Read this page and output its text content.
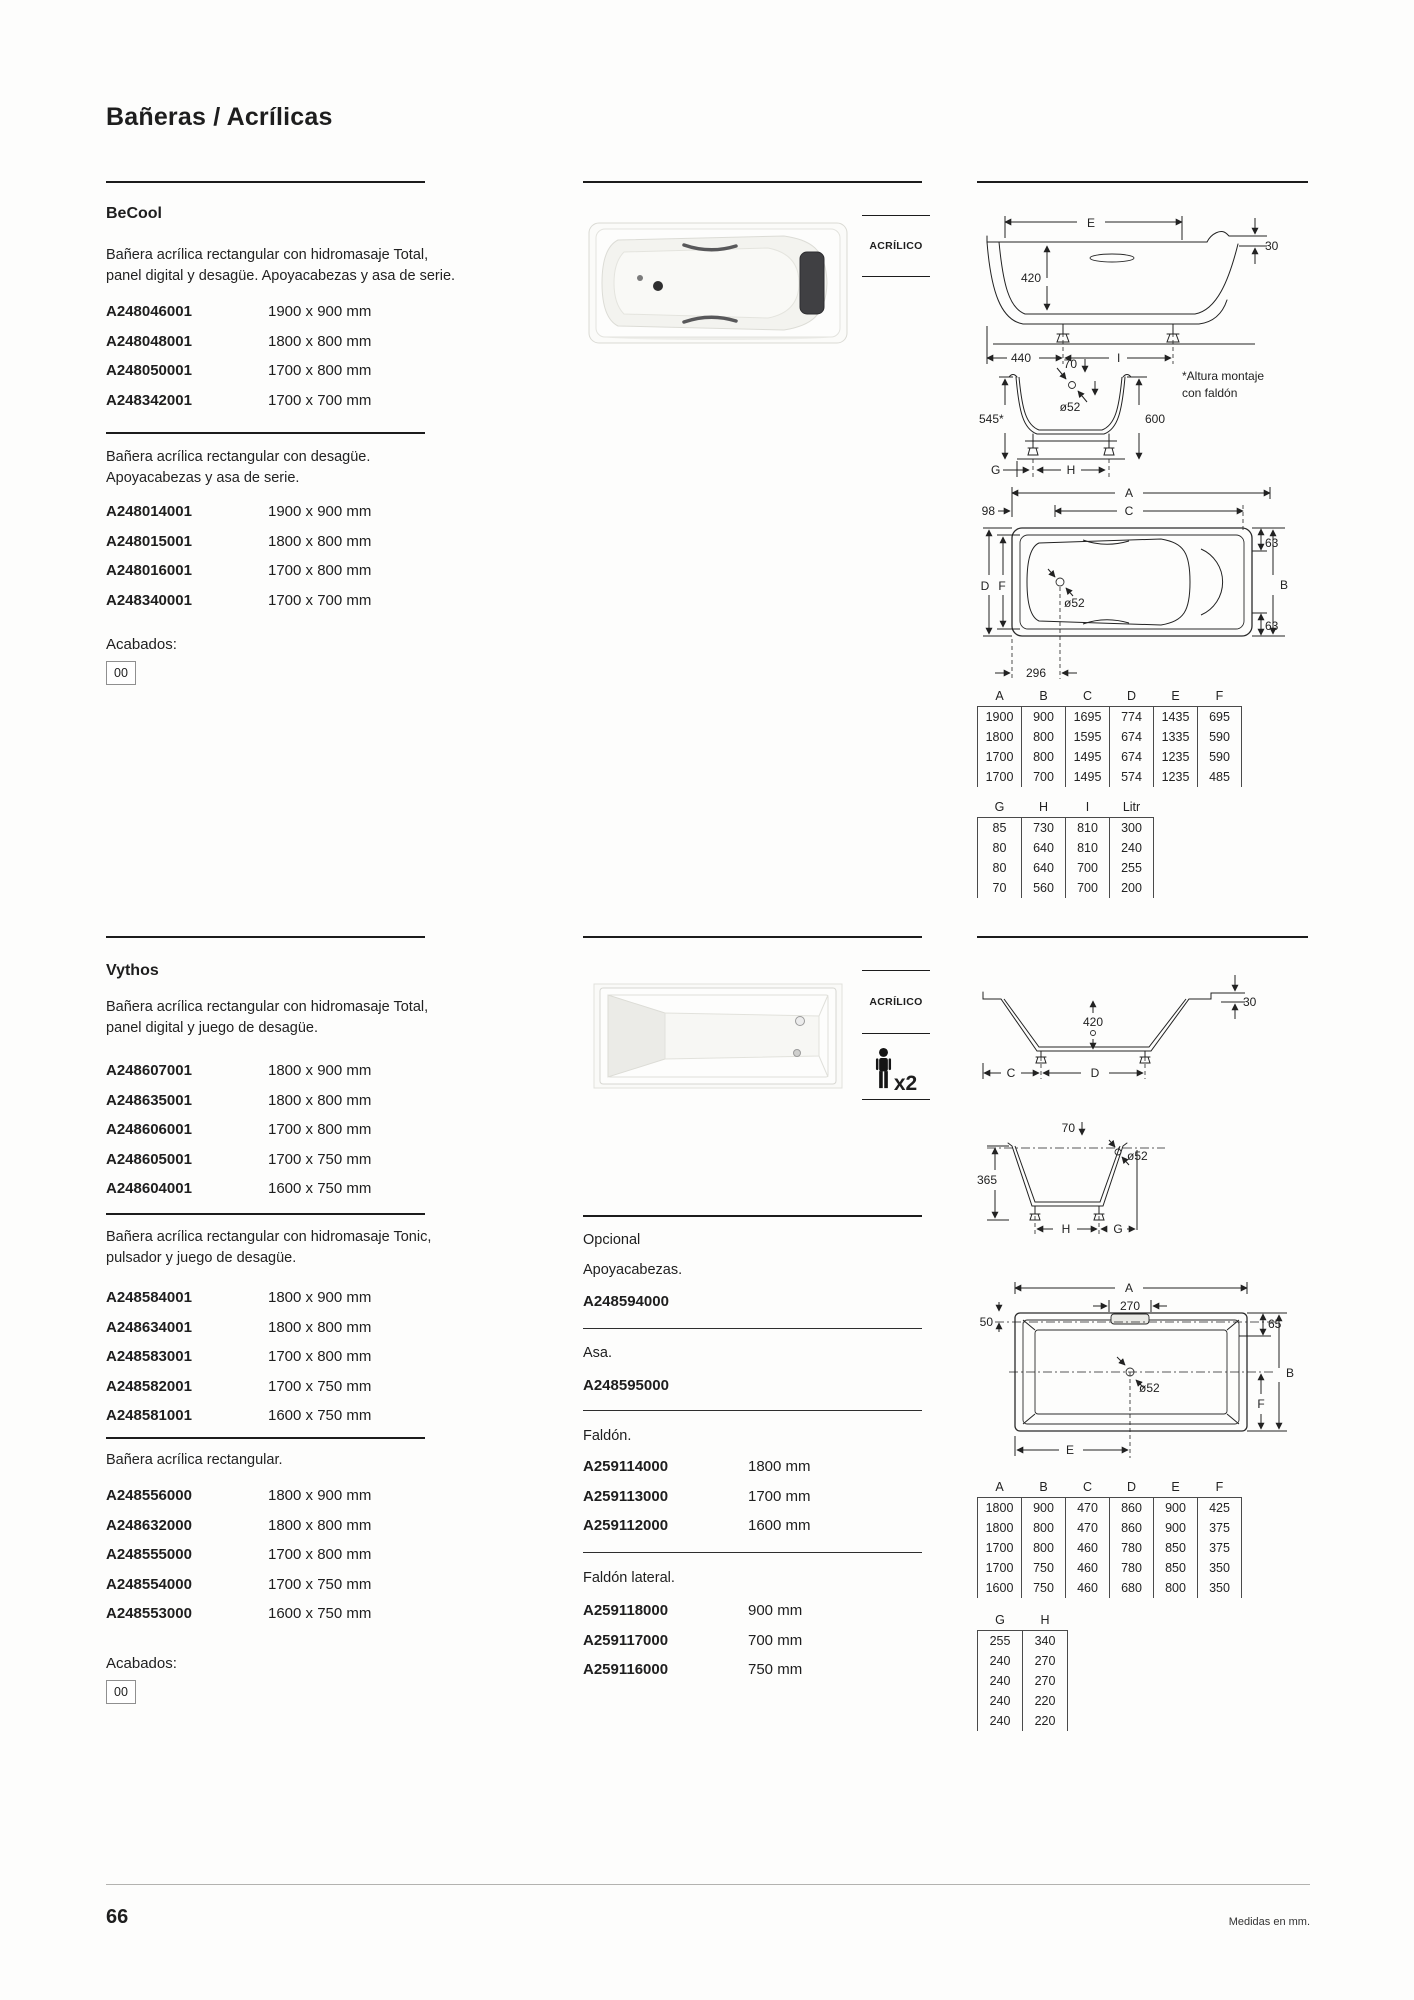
Bañeras / Acrílicas
BeCool
Bañera acrílica rectangular con hidromasaje Total,
panel digital y desagüe. Apoyacabezas y asa de serie.
A248046001	1900 x 900 mm
A248048001	1800 x 800 mm
A248050001	1700 x 800 mm
A248342001	1700 x 700 mm
Bañera acrílica rectangular con desagüe.
Apoyacabezas y asa de serie.
A248014001	1900 x 900 mm
A248015001	1800 x 800 mm
A248016001	1700 x 800 mm
A248340001	1700 x 700 mm
Acabados:
00
ACRÍLICO
E
30
420
440	I
70
ø52
545*	600
G	H
*Altura montaje
con faldón
A
C
98
ø52
D F	B
63
63
296
A	B	C	D	E	F
1900	900	1695	774	1435	695
1800	800	1595	674	1335	590
1700	800	1495	674	1235	590
1700	700	1495	574	1235	485
G	H	I	Litr
85	730	810	300
80	640	810	240
80	640	700	255
70	560	700	200
Vythos
Bañera acrílica rectangular con hidromasaje Total,
panel digital y juego de desagüe.
A248607001	1800 x 900 mm
A248635001	1800 x 800 mm
A248606001	1700 x 800 mm
A248605001	1700 x 750 mm
A248604001	1600 x 750 mm
Bañera acrílica rectangular con hidromasaje Tonic,
pulsador y juego de desagüe.
A248584001	1800 x 900 mm
A248634001	1800 x 800 mm
A248583001	1700 x 800 mm
A248582001	1700 x 750 mm
A248581001	1600 x 750 mm
Bañera acrílica rectangular.
A248556000	1800 x 900 mm
A248632000	1800 x 800 mm
A248555000	1700 x 800 mm
A248554000	1700 x 750 mm
A248553000	1600 x 750 mm
Acabados:
00
ACRÍLICO
x2
Opcional
Apoyacabezas.
A248594000
Asa.
A248595000
Faldón.
A259114000	1800 mm
A259113000	1700 mm
A259112000	1600 mm
Faldón lateral.
A259118000	900 mm
A259117000	700 mm
A259116000	750 mm
420
30
C	D
70
ø52
365
H	G
A
270
50	65
ø52
B
F
E
A	B	C	D	E	F
1800	900	470	860	900	425
1800	800	470	860	900	375
1700	800	460	780	850	375
1700	750	460	780	850	350
1600	750	460	680	800	350
G	H
255	340
240	270
240	270
240	220
240	220
66	Medidas en mm.
